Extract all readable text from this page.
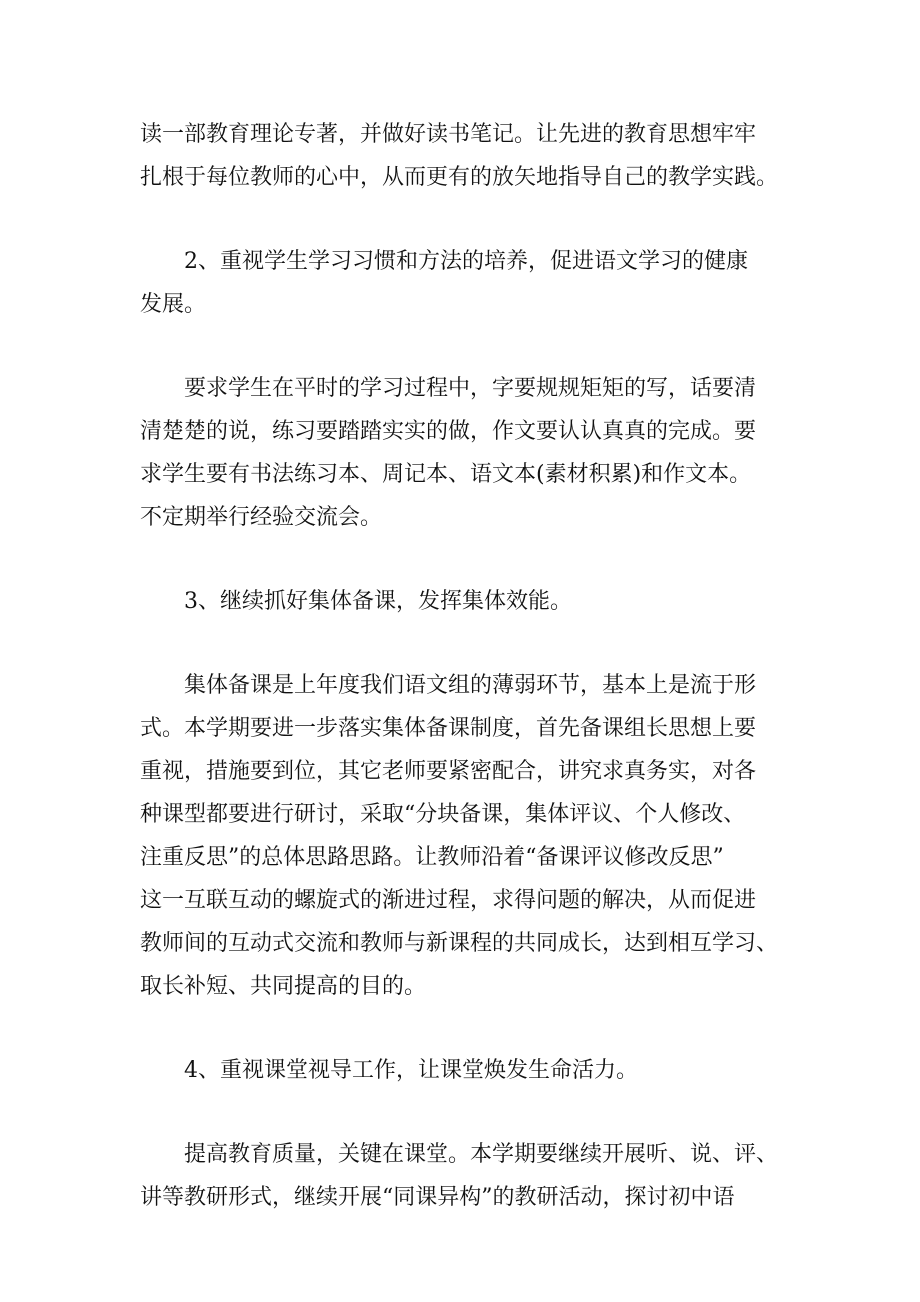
读一部教育理论专著，并做好读书笔记。让先进的教育思想牢牢
扎根于每位教师的心中，从而更有的放矢地指导自己的教学实践。
2、重视学生学习习惯和方法的培养，促进语文学习的健康
发展。
要求学生在平时的学习过程中，字要规规矩矩的写，话要清
清楚楚的说，练习要踏踏实实的做，作文要认认真真的完成。要
求学生要有书法练习本、周记本、语文本(素材积累)和作文本。
不定期举行经验交流会。
3、继续抓好集体备课，发挥集体效能。
集体备课是上年度我们语文组的薄弱环节，基本上是流于形
式。本学期要进一步落实集体备课制度，首先备课组长思想上要
重视，措施要到位，其它老师要紧密配合，讲究求真务实，对各
种课型都要进行研讨，采取“分块备课，集体评议、个人修改、
注重反思”的总体思路思路。让教师沿着“备课评议修改反思”
这一互联互动的螺旋式的渐进过程，求得问题的解决，从而促进
教师间的互动式交流和教师与新课程的共同成长，达到相互学习、
取长补短、共同提高的目的。
4、重视课堂视导工作，让课堂焕发生命活力。
提高教育质量，关键在课堂。本学期要继续开展听、说、评、
讲等教研形式，继续开展“同课异构”的教研活动，探讨初中语
